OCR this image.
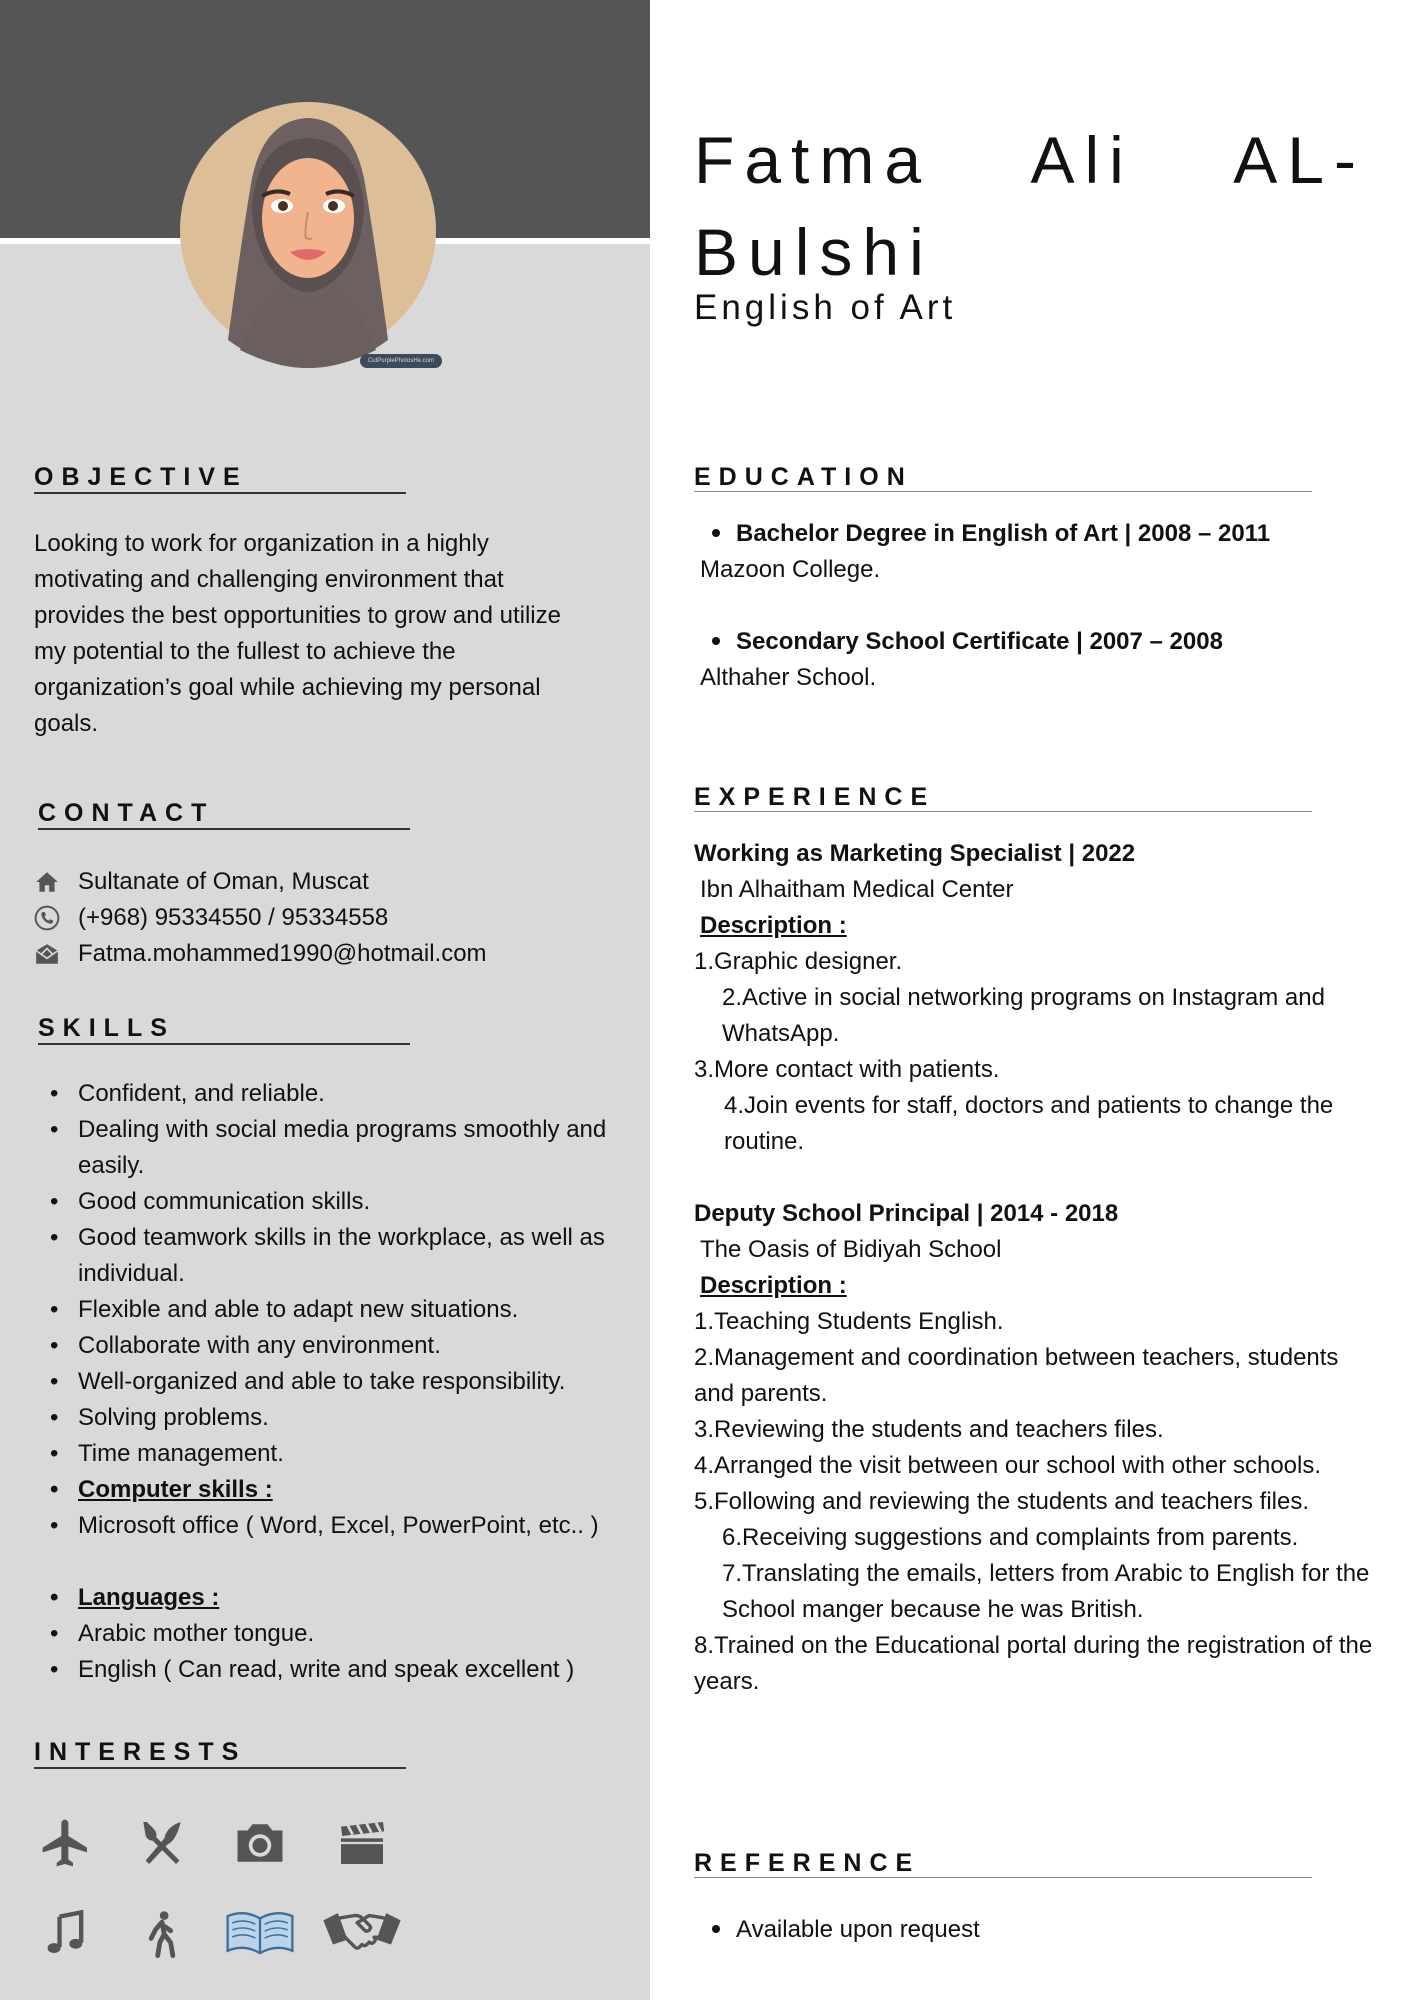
CutPurplePhotosHe.com
OBJECTIVE
Looking to work for organization in a highly motivating and challenging environment that provides the best opportunities to grow and utilize my potential to the fullest to achieve the organization’s goal while achieving my personal goals.
CONTACT
Sultanate of Oman, Muscat
(+968) 95334550 / 95334558
Fatma.mohammed1990@hotmail.com
SKILLS
• Confident, and reliable.
• Dealing with social media programs smoothly and easily.
• Good communication skills.
• Good teamwork skills in the workplace, as well as individual.
• Flexible and able to adapt new situations.
• Collaborate with any environment.
• Well-organized and able to take responsibility.
• Solving problems.
• Time management.
• Computer skills :
• Microsoft office ( Word, Excel, PowerPoint, etc.. )
• Languages :
• Arabic mother tongue.
• English ( Can read, write and speak excellent )
INTERESTS
Fatma Ali AL-
Bulshi
English of Art
EDUCATION
Bachelor Degree in English of Art | 2008 – 2011
Mazoon College.
Secondary School Certificate | 2007 – 2008
Althaher School.
EXPERIENCE
Working as Marketing Specialist | 2022
Ibn Alhaitham Medical Center
Description :
1.Graphic designer.
2.Active in social networking programs on Instagram and WhatsApp.
3.More contact with patients.
4.Join events for staff, doctors and patients to change the routine.
Deputy School Principal | 2014 - 2018
The Oasis of Bidiyah School
Description :
1.Teaching Students English.
2.Management and coordination between teachers, students and parents.
3.Reviewing the students and teachers files.
4.Arranged the visit between our school with other schools.
5.Following and reviewing the students and teachers files.
6.Receiving suggestions and complaints from parents.
7.Translating the emails, letters from Arabic to English for the School manger because he was British.
8.Trained on the Educational portal during the registration of the years.
REFERENCE
Available upon request
